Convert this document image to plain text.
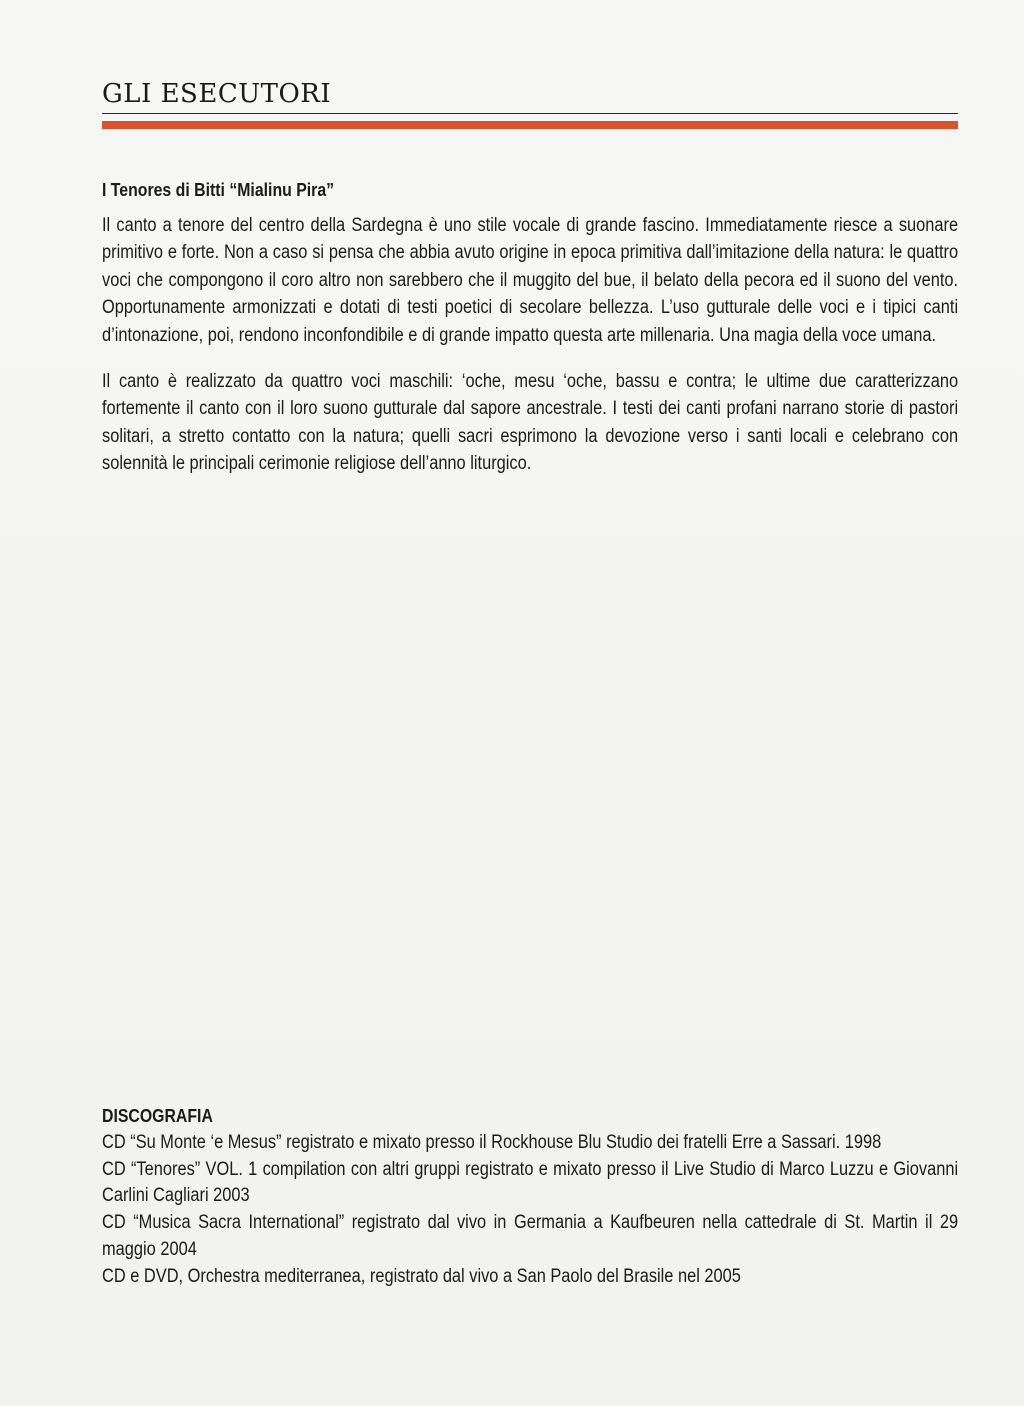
GLI ESECUTORI
I Tenores di Bitti “Mialinu Pira”

Il canto a tenore del centro della Sardegna è uno stile vocale di grande fascino. Immediatamente riesce a suonare primitivo e forte. Non a caso si pensa che abbia avuto origine in epoca primitiva dall’imitazione della natura: le quattro voci che compongono il coro altro non sarebbero che il muggito del bue, il belato della pecora ed il suono del vento. Opportunamente armonizzati e dotati di testi poetici di secolare bellezza. L’uso gutturale delle voci e i tipici canti d’intonazione, poi, rendono inconfondibile e di grande impatto questa arte millenaria. Una magia della voce umana.

Il canto è realizzato da quattro voci maschili: ‘oche, mesu ‘oche, bassu e contra; le ultime due caratterizzano fortemente il canto con il loro suono gutturale dal sapore ancestrale. I testi dei canti profani narrano storie di pastori solitari, a stretto contatto con la natura; quelli sacri esprimono la devozione verso i santi locali e celebrano con solennità le principali cerimonie religiose dell’anno liturgico.

DISCOGRAFIA
CD “Su Monte ‘e Mesus” registrato e mixato presso il Rockhouse Blu Studio dei fratelli Erre a Sassari. 1998
CD “Tenores” VOL. 1 compilation con altri gruppi registrato e mixato presso il Live Studio di Marco Luzzu e Giovanni Carlini Cagliari 2003
CD “Musica Sacra International” registrato dal vivo in Germania a Kaufbeuren nella cattedrale di St. Martin il 29 maggio 2004
CD e DVD, Orchestra mediterranea, registrato dal vivo a San Paolo del Brasile nel 2005
